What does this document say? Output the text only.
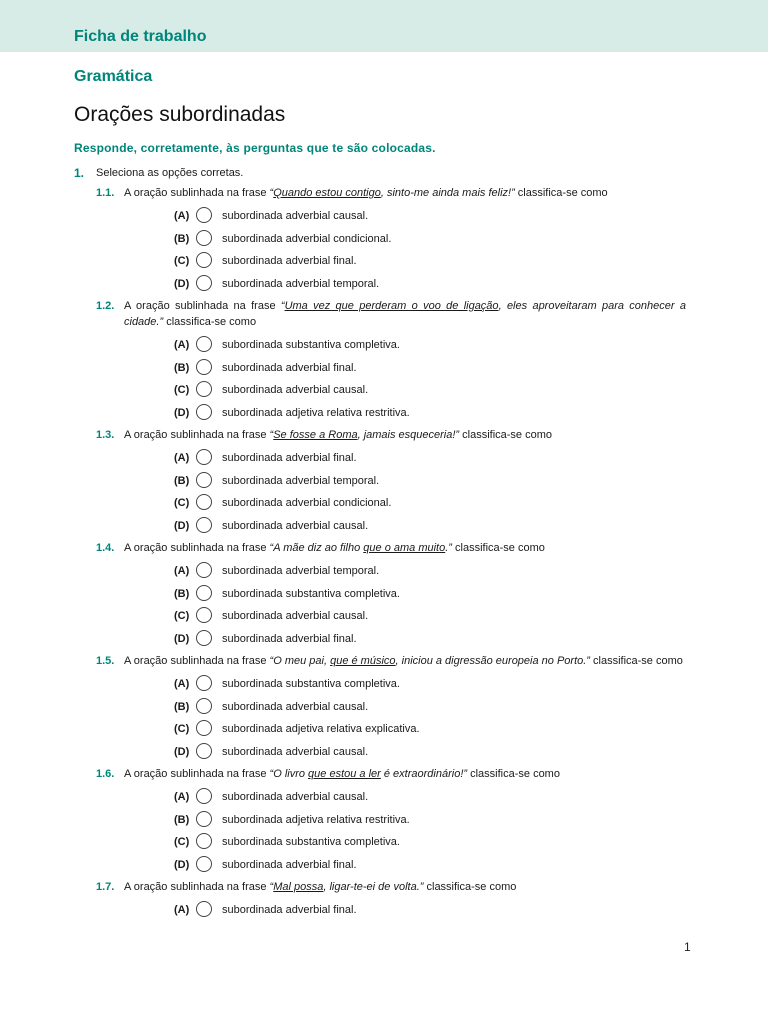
Ficha de trabalho
Gramática
Orações subordinadas
Responde, corretamente, às perguntas que te são colocadas.
1. Seleciona as opções corretas.
1.1. A oração sublinhada na frase “Quando estou contigo, sinto-me ainda mais feliz!” classifica-se como
(A)	subordinada adverbial causal.
(B)	subordinada adverbial condicional.
(C)	subordinada adverbial final.
(D)	subordinada adverbial temporal.
1.2. A oração sublinhada na frase “Uma vez que perderam o voo de ligação, eles aproveitaram para conhecer a cidade.” classifica-se como
(A)	subordinada substantiva completiva.
(B)	subordinada adverbial final.
(C)	subordinada adverbial causal.
(D)	subordinada adjetiva relativa restritiva.
1.3. A oração sublinhada na frase “Se fosse a Roma, jamais esqueceria!” classifica-se como
(A)	subordinada adverbial final.
(B)	subordinada adverbial temporal.
(C)	subordinada adverbial condicional.
(D)	subordinada adverbial causal.
1.4. A oração sublinhada na frase “A mãe diz ao filho que o ama muito.” classifica-se como
(A)	subordinada adverbial temporal.
(B)	subordinada substantiva completiva.
(C)	subordinada adverbial causal.
(D)	subordinada adverbial final.
1.5. A oração sublinhada na frase “O meu pai, que é músico, iniciou a digressão europeia no Porto.” classifica-se como
(A)	subordinada substantiva completiva.
(B)	subordinada adverbial causal.
(C)	subordinada adjetiva relativa explicativa.
(D)	subordinada adverbial causal.
1.6. A oração sublinhada na frase “O livro que estou a ler é extraordinário!” classifica-se como
(A)	subordinada adverbial causal.
(B)	subordinada adjetiva relativa restritiva.
(C)	subordinada substantiva completiva.
(D)	subordinada adverbial final.
1.7. A oração sublinhada na frase “Mal possa, ligar-te-ei de volta.” classifica-se como
(A)	subordinada adverbial final.
1
